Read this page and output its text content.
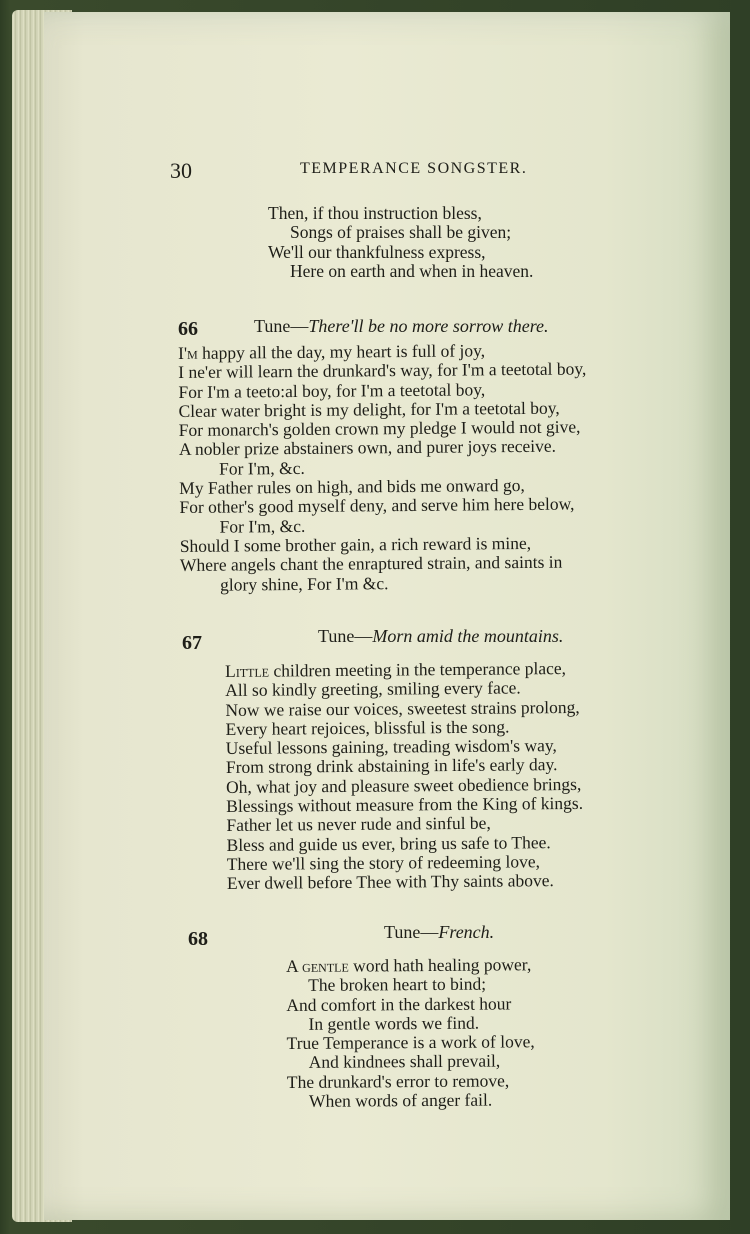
30	TEMPERANCE SONGSTER.
Then, if thou instruction bless,
Songs of praises shall be given;
We'll our thankfulness express,
Here on earth and when in heaven.
66	Tune—There'll be no more sorrow there.
I'm happy all the day, my heart is full of joy,
I ne'er will learn the drunkard's way, for I'm a teetotal boy,
For I'm a teeto:al boy, for I'm a teetotal boy,
Clear water bright is my delight, for I'm a teetotal boy,
For monarch's golden crown my pledge I would not give,
A nobler prize abstainers own, and purer joys receive.
For I'm, &c.
My Father rules on high, and bids me onward go,
For other's good myself deny, and serve him here below,
For I'm, &c.
Should I some brother gain, a rich reward is mine,
Where angels chant the enraptured strain, and saints in
glory shine, For I'm &c.
67	Tune—Morn amid the mountains.
Little children meeting in the temperance place,
All so kindly greeting, smiling every face.
Now we raise our voices, sweetest strains prolong,
Every heart rejoices, blissful is the song.
Useful lessons gaining, treading wisdom's way,
From strong drink abstaining in life's early day.
Oh, what joy and pleasure sweet obedience brings,
Blessings without measure from the King of kings.
Father let us never rude and sinful be,
Bless and guide us ever, bring us safe to Thee.
There we'll sing the story of redeeming love,
Ever dwell before Thee with Thy saints above.
68	Tune—French.
A gentle word hath healing power,
The broken heart to bind;
And comfort in the darkest hour
In gentle words we find.
True Temperance is a work of love,
And kindnees shall prevail,
The drunkard's error to remove,
When words of anger fail.
